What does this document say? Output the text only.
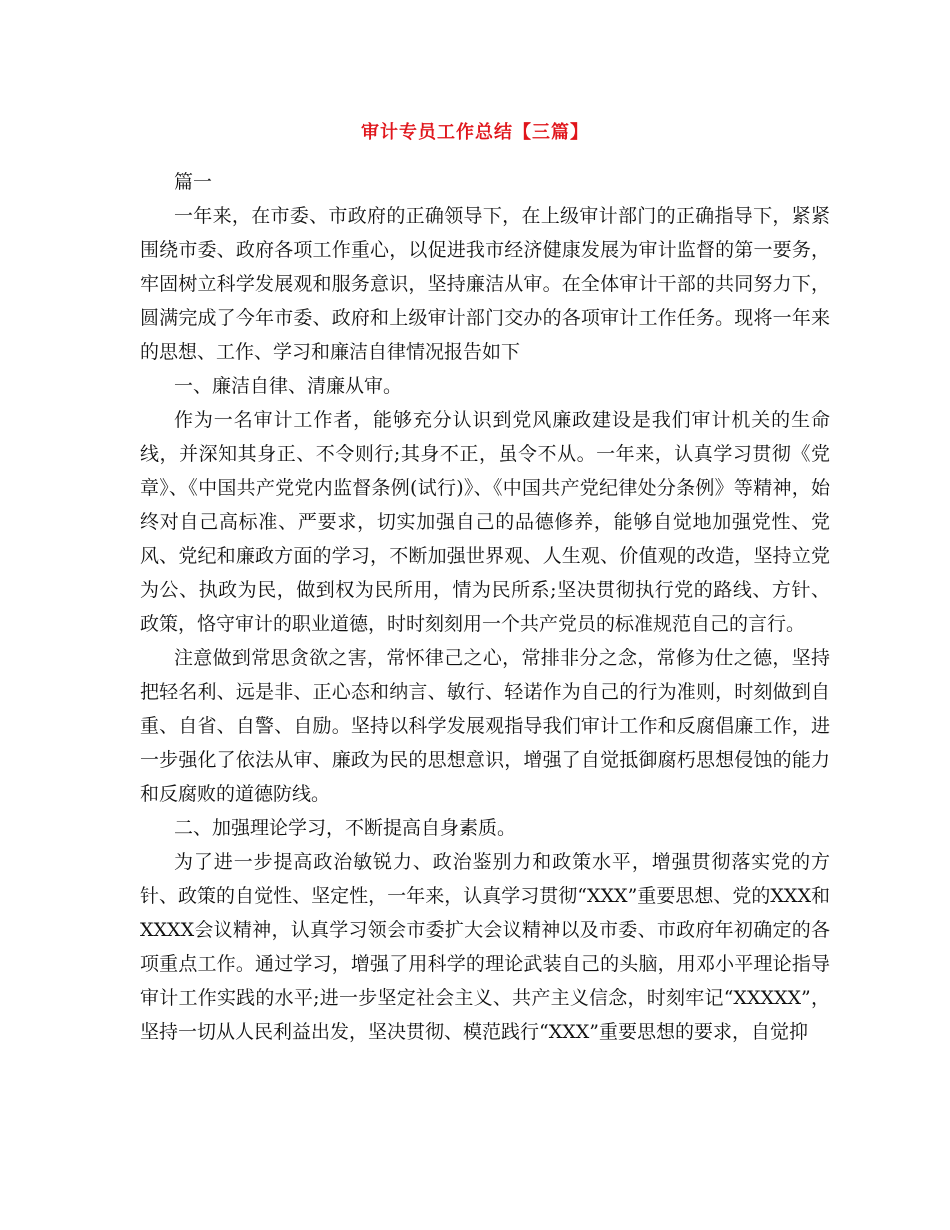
审计专员工作总结【三篇】

篇一

一年来，在市委、市政府的正确领导下，在上级审计部门的正确指导下，紧紧围绕市委、政府各项工作重心，以促进我市经济健康发展为审计监督的第一要务，牢固树立科学发展观和服务意识，坚持廉洁从审。在全体审计干部的共同努力下，圆满完成了今年市委、政府和上级审计部门交办的各项审计工作任务。现将一年来的思想、工作、学习和廉洁自律情况报告如下

一、廉洁自律、清廉从审。

作为一名审计工作者，能够充分认识到党风廉政建设是我们审计机关的生命线，并深知其身正、不令则行;其身不正，虽令不从。一年来，认真学习贯彻《党章》、《中国共产党党内监督条例(试行)》、《中国共产党纪律处分条例》等精神，始终对自己高标准、严要求，切实加强自己的品德修养，能够自觉地加强党性、党风、党纪和廉政方面的学习，不断加强世界观、人生观、价值观的改造，坚持立党为公、执政为民，做到权为民所用，情为民所系;坚决贯彻执行党的路线、方针、政策，恪守审计的职业道德，时时刻刻用一个共产党员的标准规范自己的言行。

注意做到常思贪欲之害，常怀律己之心，常排非分之念，常修为仕之德，坚持把轻名利、远是非、正心态和纳言、敏行、轻诺作为自己的行为准则，时刻做到自重、自省、自警、自励。坚持以科学发展观指导我们审计工作和反腐倡廉工作，进一步强化了依法从审、廉政为民的思想意识，增强了自觉抵御腐朽思想侵蚀的能力和反腐败的道德防线。

二、加强理论学习，不断提高自身素质。

为了进一步提高政治敏锐力、政治鉴别力和政策水平，增强贯彻落实党的方针、政策的自觉性、坚定性，一年来，认真学习贯彻“XXX”重要思想、党的XXX和XXXX会议精神，认真学习领会市委扩大会议精神以及市委、市政府年初确定的各项重点工作。通过学习，增强了用科学的理论武装自己的头脑，用邓小平理论指导审计工作实践的水平;进一步坚定社会主义、共产主义信念，时刻牢记“XXXXX”，坚持一切从人民利益出发，坚决贯彻、模范践行“XXX”重要思想的要求，自觉抑
